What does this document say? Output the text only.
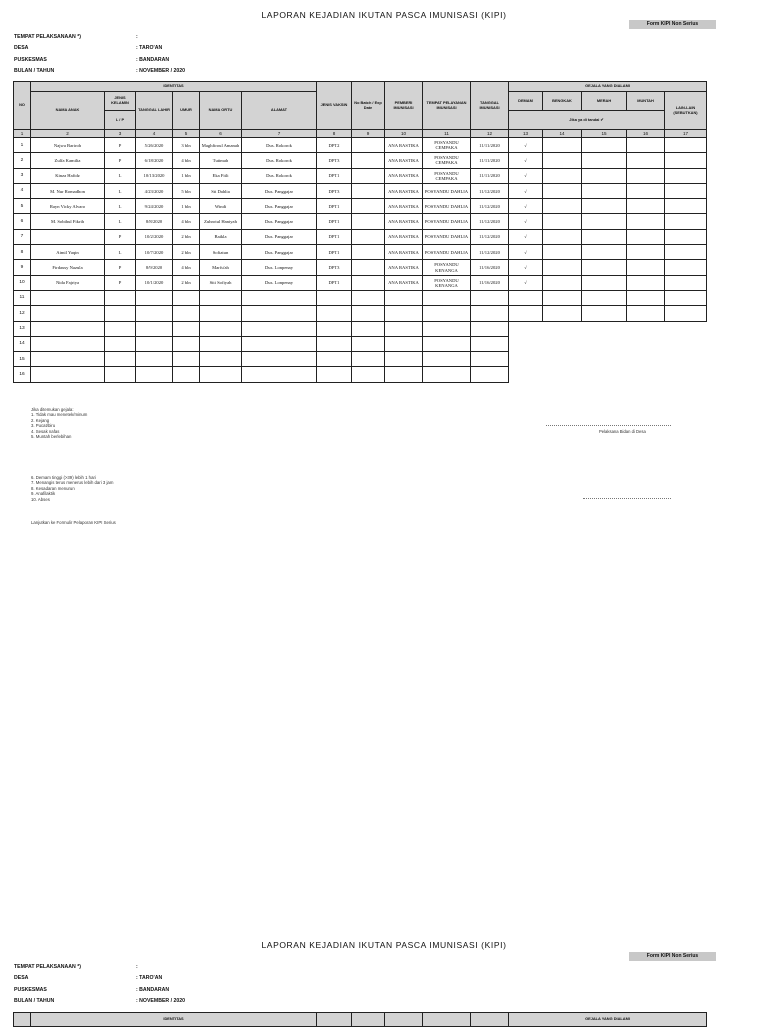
LAPORAN KEJADIAN IKUTAN PASCA IMUNISASI (KIPI)
Form KIPI Non Serius
TEMPAT PELAKSANAAN *)	:
DESA	: TARO'AN
PUSKESMAS	: BANDARAN
BULAN / TAHUN	: NOVEMBER / 2020
NO	IDENTITAS						JENIS VAKSIN	No Batch / Exp Date	PEMBERI IMUNISASI	TEMPAT PELAYANAN IMUNISASI	TANGGAL IMUNISASI	GEJALA YANG DIALAMI				
	NAMA ANAK	JENIS KELAMIN	TANGGAL LAHIR	UMUR	NAMA ORTU	ALAMAT						DEMAM	BENGKAK	MERAH	MUNTAH	LAIN-LAIN (SEBUTKAN)
		L / P										Jika ya di tandai ✔				
1	2	3	4	5	6	7	8	9	10	11	12	13	14	15	16	17
1	Najwa Bariroh	P	5/26/2020	3 bln	Maghfiroul Amanah	Dus. Rokorok	DPT2		ANA RASTIKA	POSYANDU CEMPAKA	11/11/2020	√				
2	Zulfa Kamilia	P	6/18/2020	4 bln	Tutimah	Dus. Rokorok	DPT3		ANA RASTIKA	POSYANDU CEMPAKA	11/11/2020	√				
3	Kinza Hafidz	L	10/13/2020	1 bln	Eka Fitli	Dus. Rokorok	DPT1		ANA RASTIKA	POSYANDU CEMPAKA	11/11/2020	√				
4	M. Nur Romadhon	L	4/23/2020	5 bln	Sti Dahlia	Dus. Panggajar	DPT3		ANA RASTIKA	POSYANDU DAHLIA	11/12/2020	√				
5	Rayn Vicky Alvaro	L	9/24/2020	1 bln	Windi	Dus. Panggajar	DPT1		ANA RASTIKA	POSYANDU DAHLIA	11/12/2020	√				
6	M. Sobihul Fikrih	L	8/8/2020	4 bln	Zuhrotul Haniyah	Dus. Panggajar	DPT1		ANA RASTIKA	POSYANDU DAHLIA	11/12/2020	√				
7		P	10/2/2020	2 bln	Baikla	Dus. Panggajar	DPT1		ANA RASTIKA	POSYANDU DAHLIA	11/12/2020	√				
8	Aimil Yaqin	L	10/7/2020	2 bln	Sofiatun	Dus. Panggajar	DPT1		ANA RASTIKA	POSYANDU DAHLIA	11/12/2020	√				
9	Firdausy Nazula	P	8/9/2020	4 bln	Marfu'ah	Dus. Lonpenay	DPT3		ANA RASTIKA	POSYANDU KENANGA	11/16/2020	√				
10	Nida Fajriya	P	10/1/2020	2 bln	Siti Sofiyah	Dus. Lonpenay	DPT1		ANA RASTIKA	POSYANDU KENANGA	11/16/2020	√				
11																
12																
13																
14																
15																
16																
Jika ditemukan gejala:
1. Tidak mau menetek/minum
2. Kejang
3. Pucat/biru
4. Sesak nafas
5. Muntah berlebihan
6. Demam tinggi (>39) lebih 1 hari
7. Menangis terus menerus lebih dari 3 jam
8. Kesadaran menurun
9. Anafilaktik
10. Abses
Lanjutkan ke Formulir Pelaporan KIPI Serius
Pelaksana Bidan di Desa
LAPORAN KEJADIAN IKUTAN PASCA IMUNISASI (KIPI)
Form KIPI Non Serius
TEMPAT PELAKSANAAN *)	:
DESA	: TARO'AN
PUSKESMAS	: BANDARAN
BULAN / TAHUN	: NOVEMBER / 2020
	IDENTITAS						GEJALA YANG DIALAMI
